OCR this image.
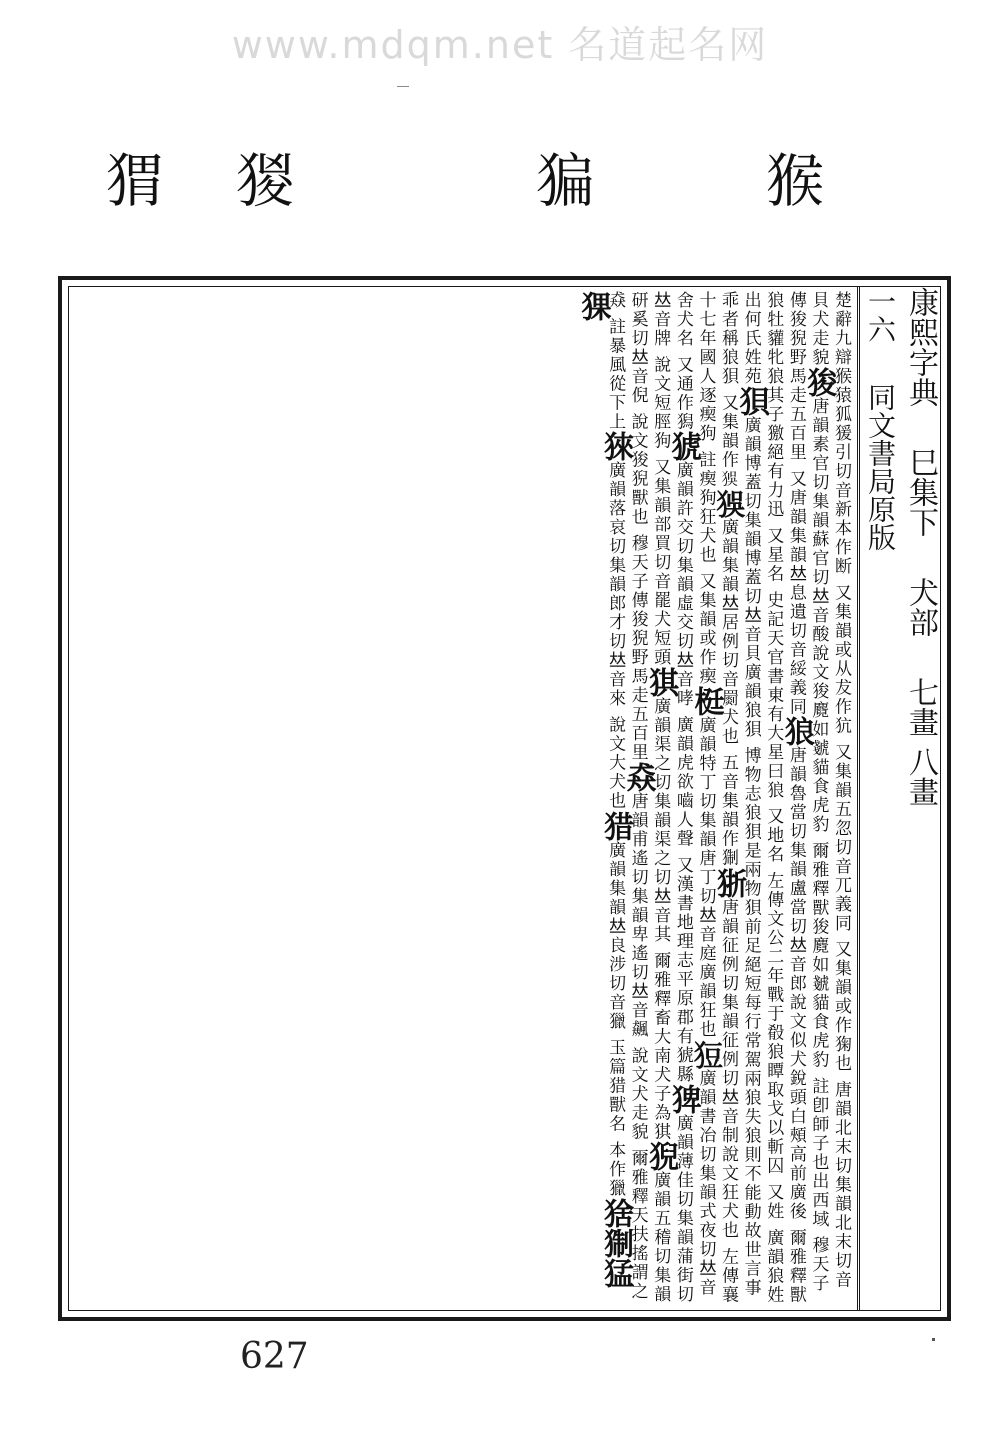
www.mdqm.net 名道起名网
猬 猣	猵	猴
康熙字典巳集下犬部七畫 八畫
一六同文書局原版
楚辭九辯猴猿狐猨引切音新本作断 又集韻或从犮作犺 又集韻五忽切音兀義同 又集韻或作㹼也 唐韻北末切集韻北末切音貝犬走貌狻唐韻素官切集韻蘇官切𠀤音酸說文狻麑如虦貓食虎豹 爾雅釋獸狻麑如虦貓食虎豹 註卽師子也出西域 穆天子傳狻猊野馬走五百里 又唐韻集韻𠀤息遺切音綏義同狼唐韻魯當切集韻盧當切𠀤音郎說文似犬銳頭白頰高前廣後 爾雅釋獸狼牡貛牝狼其子獥絕有力迅 又星名 史記天官書東有大星曰狼 又地名 左傳文公二年戰于殽狼瞫取戈以斬囚 又姓 廣韻狼姓出何氏姓苑狽廣韻博蓋切集韻博蓋切𠀤音貝廣韻狼狽 博物志狼狽是兩物狽前足絕短每行常駕兩狼失狼則不能動故世言事乖者稱狼狽 又集韻作𤝲𤝲廣韻集韻𠀤居例切音罽犬也 五音集韻作猘狾唐韻征例切集韻征例切𠀤音制說文狂犬也 左傳襄十七年國人逐瘈狗 註瘈狗狂犬也 又集韻或作瘈梃廣韻特丁切集韻唐丁切𠀤音庭廣韻狂也𤞟廣韻書冶切集韻式夜切𠀤音舍犬名 又通作獡猇廣韻許交切集韻虛交切𠀤音哮 廣韻虎欲嚙人聲 又漢書地理志平原郡有猇縣猈廣韻薄佳切集韻蒲街切𠀤音牌 說文短脛狗 又集韻部買切音罷犬短頭猉廣韻渠之切集韻渠之切𠀤音其 爾雅釋畜大南犬子為猉猊廣韻五稽切集韻研奚切𠀤音倪 說文狻猊獸也 穆天子傳狻猊野馬走五百里猋唐韻甫遙切集韻卑遙切𠀤音飆 說文犬走貌 爾雅釋天扶搖謂之猋 註暴風從下上猍廣韻落哀切集韻郎才切𠀤音來 說文大犬也猎廣韻集韻𠀤良涉切音獵 玉篇猎獸名 本作獵猞猘猛猓
627
